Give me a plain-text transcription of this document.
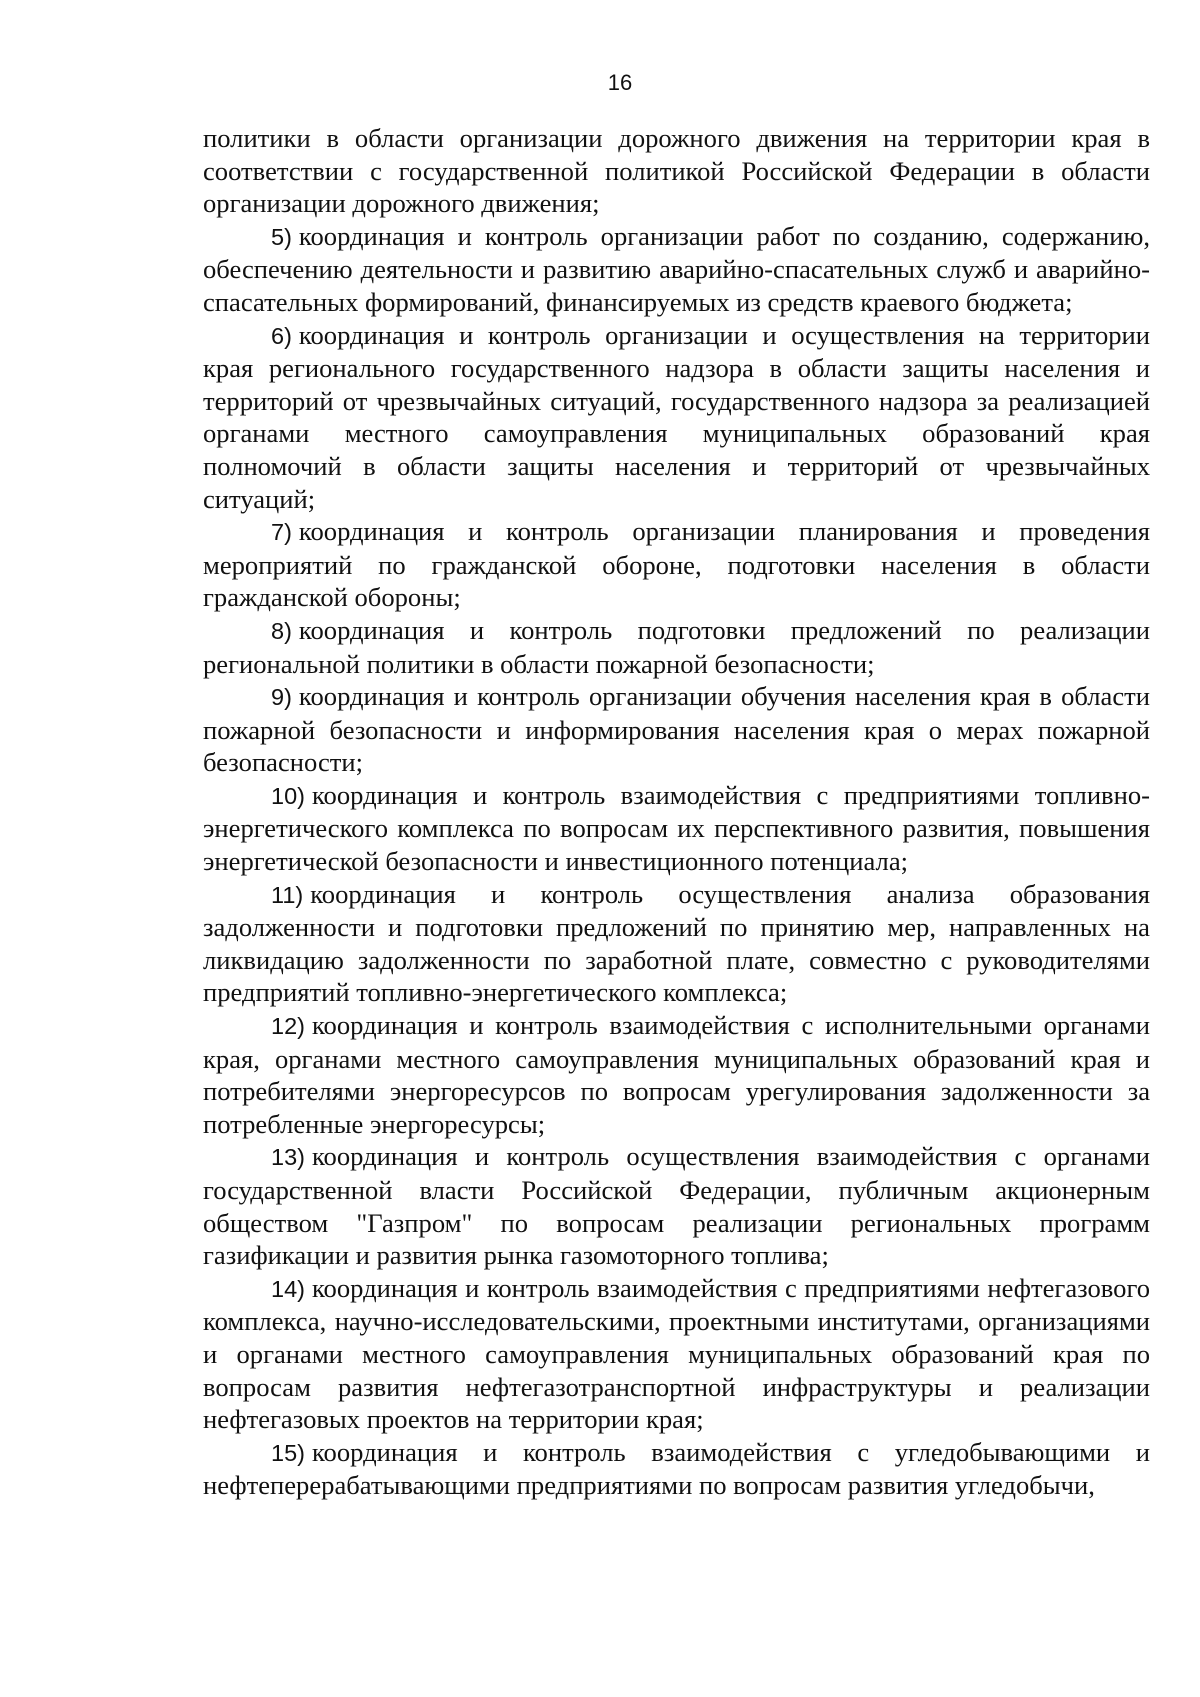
16

политики в области организации дорожного движения на территории края в соответствии с государственной политикой Российской Федерации в области организации дорожного движения;

5) координация и контроль организации работ по созданию, содержанию, обеспечению деятельности и развитию аварийно-спасательных служб и аварийно-спасательных формирований, финансируемых из средств краевого бюджета;

6) координация и контроль организации и осуществления на территории края регионального государственного надзора в области защиты населения и территорий от чрезвычайных ситуаций, государственного надзора за реализацией органами местного самоуправления муниципальных образований края полномочий в области защиты населения и территорий от чрезвычайных ситуаций;

7) координация и контроль организации планирования и проведения мероприятий по гражданской обороне, подготовки населения в области гражданской обороны;

8) координация и контроль подготовки предложений по реализации региональной политики в области пожарной безопасности;

9) координация и контроль организации обучения населения края в области пожарной безопасности и информирования населения края о мерах пожарной безопасности;

10) координация и контроль взаимодействия с предприятиями топливно-энергетического комплекса по вопросам их перспективного развития, повышения энергетической безопасности и инвестиционного потенциала;

11) координация и контроль осуществления анализа образования задолженности и подготовки предложений по принятию мер, направленных на ликвидацию задолженности по заработной плате, совместно с руководителями предприятий топливно-энергетического комплекса;

12) координация и контроль взаимодействия с исполнительными органами края, органами местного самоуправления муниципальных образований края и потребителями энергоресурсов по вопросам урегулирования задолженности за потребленные энергоресурсы;

13) координация и контроль осуществления взаимодействия с органами государственной власти Российской Федерации, публичным акционерным обществом "Газпром" по вопросам реализации региональных программ газификации и развития рынка газомоторного топлива;

14) координация и контроль взаимодействия с предприятиями нефтегазового комплекса, научно-исследовательскими, проектными институтами, организациями и органами местного самоуправления муниципальных образований края по вопросам развития нефтегазотранспортной инфраструктуры и реализации нефтегазовых проектов на территории края;

15) координация и контроль взаимодействия с угледобывающими и нефтеперерабатывающими предприятиями по вопросам развития угледобычи,
